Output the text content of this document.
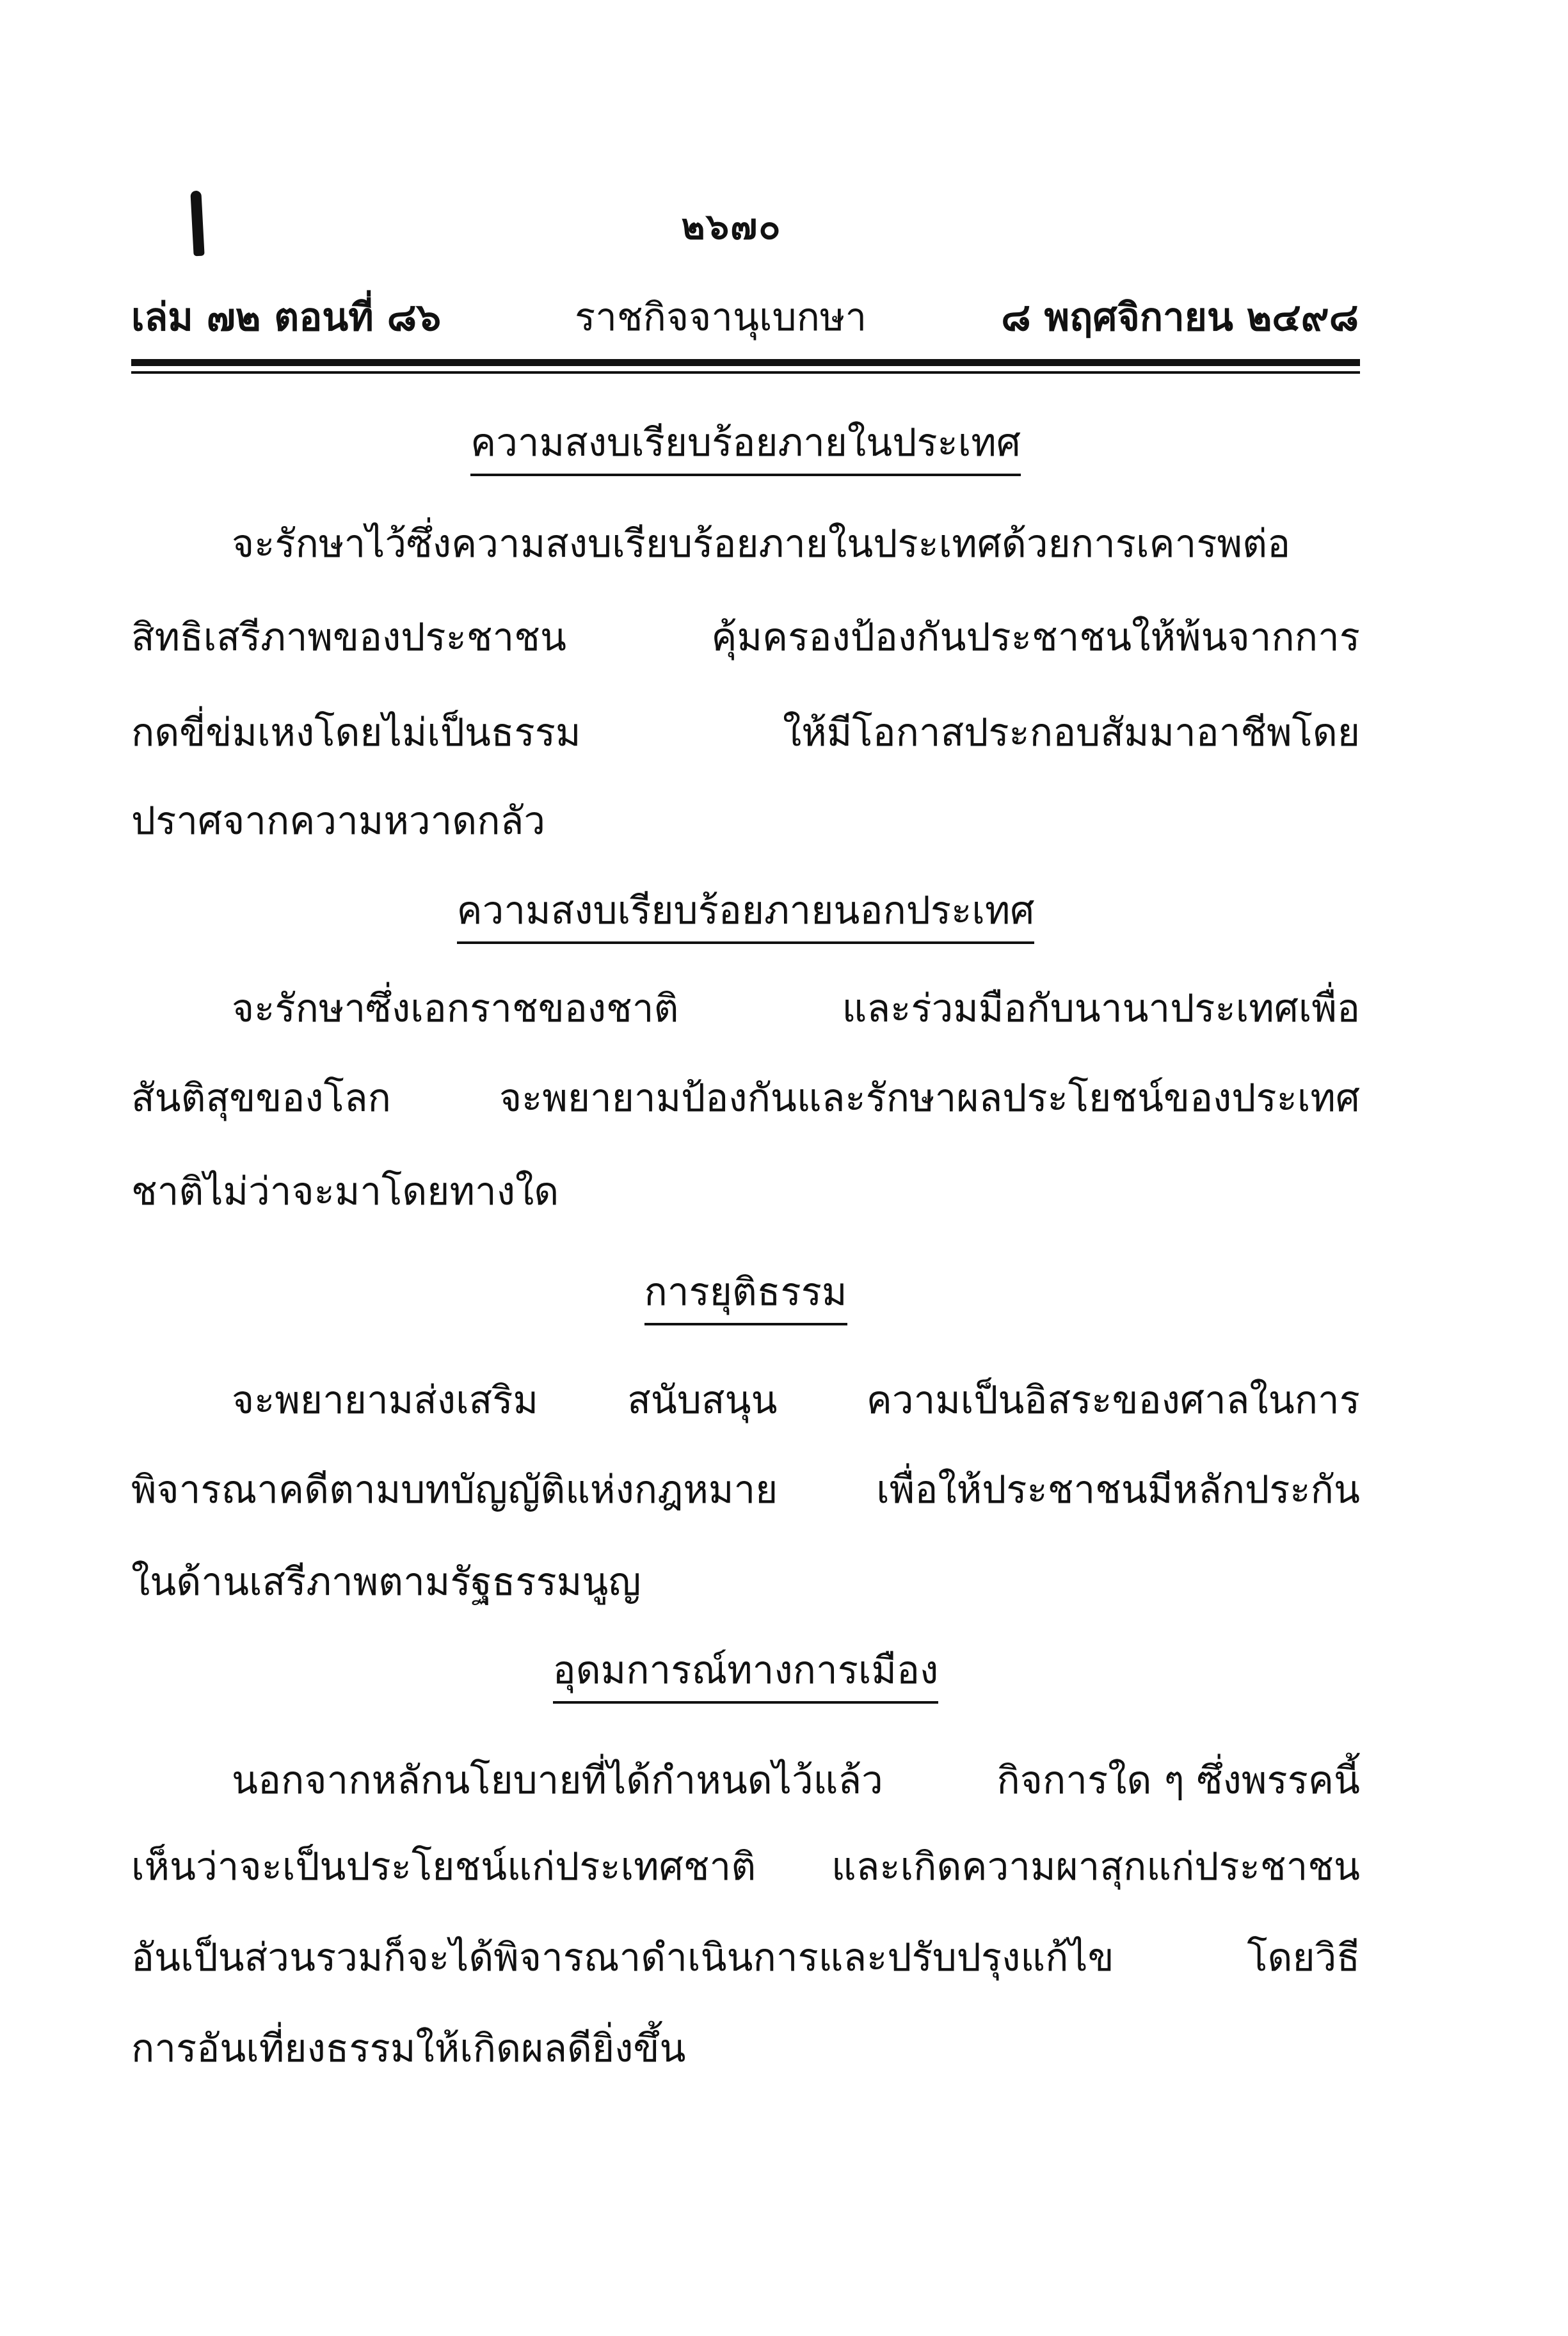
๒๖๗๐
เล่ม ๗๒ ตอนที่ ๘๖	ราชกิจจานุเบกษา	๘ พฤศจิกายน ๒๔๙๘
ความสงบเรียบร้อยภายในประเทศ
จะรักษาไว้ซึ่งความสงบเรียบร้อยภายในประเทศด้วยการเคารพต่อ
สิทธิเสรีภาพของประชาชน	คุ้มครองป้องกันประชาชนให้พ้นจากการ
กดขี่ข่มเหงโดยไม่เป็นธรรม	ให้มีโอกาสประกอบสัมมาอาชีพโดย
ปราศจากความหวาดกลัว
ความสงบเรียบร้อยภายนอกประเทศ
จะรักษาซึ่งเอกราชของชาติ	และร่วมมือกับนานาประเทศเพื่อ
สันติสุขของโลก	จะพยายามป้องกันและรักษาผลประโยชน์ของประเทศ
ชาติไม่ว่าจะมาโดยทางใด
การยุติธรรม
จะพยายามส่งเสริม สนับสนุน ความเป็นอิสระของศาลในการ
พิจารณาคดีตามบทบัญญัติแห่งกฎหมาย	เพื่อให้ประชาชนมีหลักประกัน
ในด้านเสรีภาพตามรัฐธรรมนูญ
อุดมการณ์ทางการเมือง
นอกจากหลักนโยบายที่ได้กำหนดไว้แล้ว	กิจการใด ๆ ซึ่งพรรคนี้
เห็นว่าจะเป็นประโยชน์แก่ประเทศชาติ และเกิดความผาสุกแก่ประชาชน
อันเป็นส่วนรวมก็จะได้พิจารณาดำเนินการและปรับปรุงแก้ไข	โดยวิธี
การอันเที่ยงธรรมให้เกิดผลดียิ่งขึ้น
